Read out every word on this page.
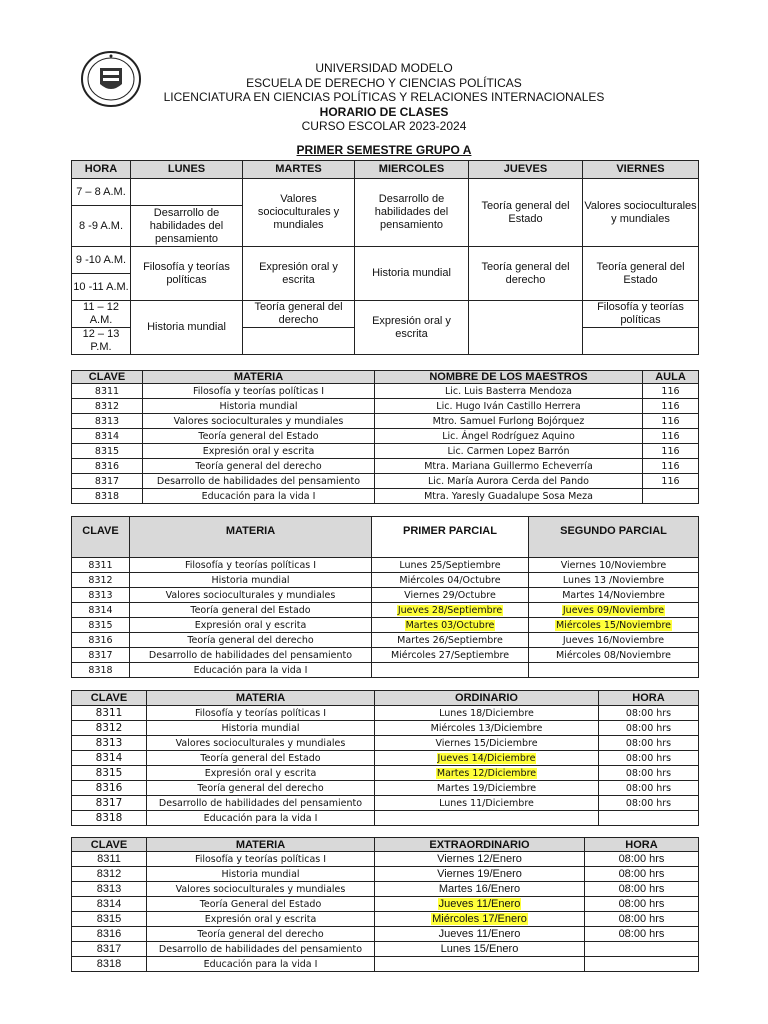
UNIVERSIDAD MODELO
ESCUELA DE DERECHO Y CIENCIAS POLÍTICAS
LICENCIATURA EN CIENCIAS POLÍTICAS Y RELACIONES INTERNACIONALES
HORARIO DE CLASES
CURSO ESCOLAR 2023-2024
PRIMER SEMESTRE GRUPO A
HORA	LUNES	MARTES	MIERCOLES	JUEVES	VIERNES
7 – 8 A.M.		Valores socioculturales y mundiales	Desarrollo de habilidades del pensamiento	Teoría general del Estado	Valores socioculturales y mundiales
8 -9 A.M.	Desarrollo de habilidades del pensamiento				
9 -10 A.M.	Filosofía y teorías políticas	Expresión oral y escrita	Historia mundial	Teoría general del derecho	Teoría general del Estado
10 -11 A.M.					
11 – 12 A.M.	Historia mundial	Teoría general del derecho	Expresión oral y escrita		Filosofía y teorías políticas
12 – 13 P.M.					
CLAVE	MATERIA	NOMBRE DE LOS MAESTROS	AULA
8311	Filosofía y teorías políticas I	Lic. Luis Basterra Mendoza	116
8312	Historia mundial	Lic. Hugo Iván Castillo Herrera	116
8313	Valores socioculturales y mundiales	Mtro. Samuel Furlong Bojórquez	116
8314	Teoría general del Estado	Lic. Ángel Rodríguez Aquino	116
8315	Expresión oral y escrita	Lic. Carmen Lopez Barrón	116
8316	Teoría general del derecho	Mtra. Mariana Guillermo Echeverría	116
8317	Desarrollo de habilidades del pensamiento	Lic. María Aurora Cerda del Pando	116
8318	Educación para la vida I	Mtra. Yaresly Guadalupe Sosa Meza	
CLAVE	MATERIA	PRIMER PARCIAL	SEGUNDO PARCIAL
8311	Filosofía y teorías políticas I	Lunes 25/Septiembre	Viernes 10/Noviembre
8312	Historia mundial	Miércoles 04/Octubre	Lunes 13 /Noviembre
8313	Valores socioculturales y mundiales	Viernes 29/Octubre	Martes 14/Noviembre
8314	Teoría general del Estado	Jueves 28/Septiembre	Jueves 09/Noviembre
8315	Expresión oral y escrita	Martes 03/Octubre	Miércoles 15/Noviembre
8316	Teoría general del derecho	Martes 26/Septiembre	Jueves 16/Noviembre
8317	Desarrollo de habilidades del pensamiento	Miércoles 27/Septiembre	Miércoles 08/Noviembre
8318	Educación para la vida I		
CLAVE	MATERIA	ORDINARIO	HORA
8311	Filosofía y teorías políticas I	Lunes 18/Diciembre	08:00 hrs
8312	Historia mundial	Miércoles 13/Diciembre	08:00 hrs
8313	Valores socioculturales y mundiales	Viernes 15/Diciembre	08:00 hrs
8314	Teoría general del Estado	Jueves 14/Diciembre	08:00 hrs
8315	Expresión oral y escrita	Martes 12/Diciembre	08:00 hrs
8316	Teoría general del derecho	Martes 19/Diciembre	08:00 hrs
8317	Desarrollo de habilidades del pensamiento	Lunes 11/Diciembre	08:00 hrs
8318	Educación para la vida I		
CLAVE	MATERIA	EXTRAORDINARIO	HORA
8311	Filosofía y teorías políticas I	Viernes 12/Enero	08:00 hrs
8312	Historia mundial	Viernes 19/Enero	08:00 hrs
8313	Valores socioculturales y mundiales	Martes 16/Enero	08:00 hrs
8314	Teoría General del Estado	Jueves 11/Enero	08:00 hrs
8315	Expresión oral y escrita	Miércoles 17/Enero	08:00 hrs
8316	Teoría general del derecho	Jueves 11/Enero	08:00 hrs
8317	Desarrollo de habilidades del pensamiento	Lunes 15/Enero	
8318	Educación para la vida I		
